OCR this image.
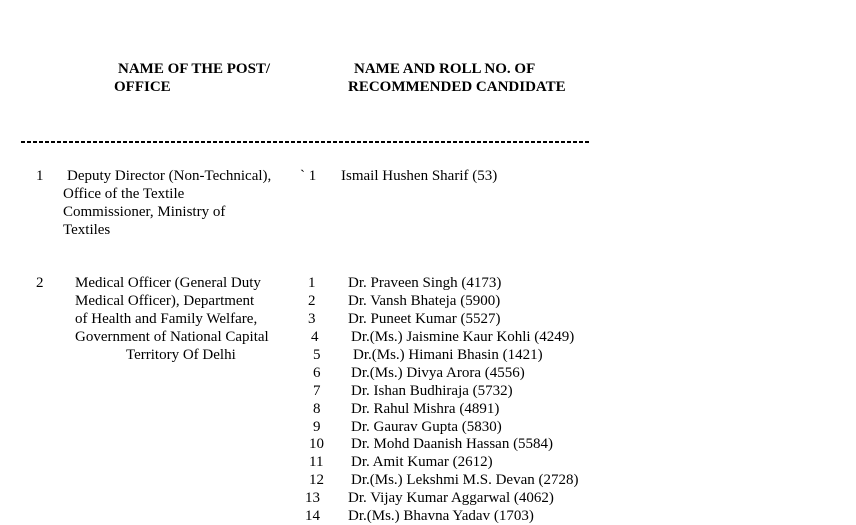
NAME OF THE POST/
OFFICE
NAME AND ROLL NO. OF
RECOMMENDED CANDIDATE
1 Deputy Director (Non-Technical),
Office of the Textile
Commissioner, Ministry of
Textiles
` 1 Ismail Hushen Sharif (53)
2 Medical Officer (General Duty
Medical Officer), Department
of Health and Family Welfare,
Government of National Capital
Territory Of Delhi
1 Dr. Praveen Singh (4173)
2 Dr. Vansh Bhateja (5900)
3 Dr. Puneet Kumar (5527)
4 Dr.(Ms.) Jaismine Kaur Kohli (4249)
5 Dr.(Ms.) Himani Bhasin (1421)
6 Dr.(Ms.) Divya Arora (4556)
7 Dr. Ishan Budhiraja (5732)
8 Dr. Rahul Mishra (4891)
9 Dr. Gaurav Gupta (5830)
10 Dr. Mohd Daanish Hassan (5584)
11 Dr. Amit Kumar (2612)
12 Dr.(Ms.) Lekshmi M.S. Devan (2728)
13 Dr. Vijay Kumar Aggarwal (4062)
14 Dr.(Ms.) Bhavna Yadav (1703)
